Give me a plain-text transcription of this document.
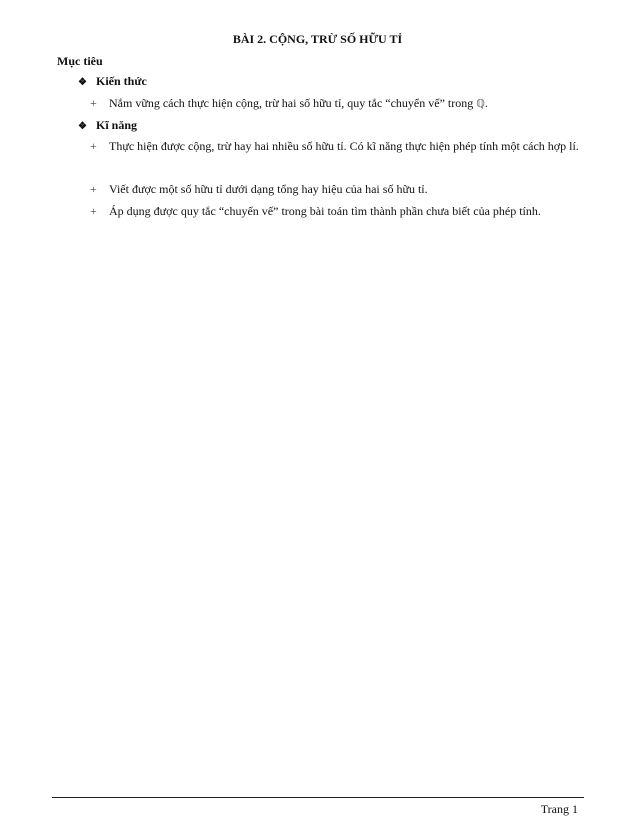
BÀI 2. CỘNG, TRỪ SỐ HỮU TỈ
Mục tiêu
❖ Kiến thức
+	Nắm vững cách thực hiện cộng, trừ hai số hữu tỉ, quy tắc “chuyển vế” trong ℚ.
❖ Kĩ năng
+	Thực hiện được cộng, trừ hay hai nhiều số hữu tỉ. Có kĩ năng thực hiện phép tính một cách hợp lí.
+	Viết được một số hữu tỉ dưới dạng tổng hay hiệu của hai số hữu tỉ.
+	Áp dụng được quy tắc “chuyển vế” trong bài toán tìm thành phần chưa biết của phép tính.
Trang 1
